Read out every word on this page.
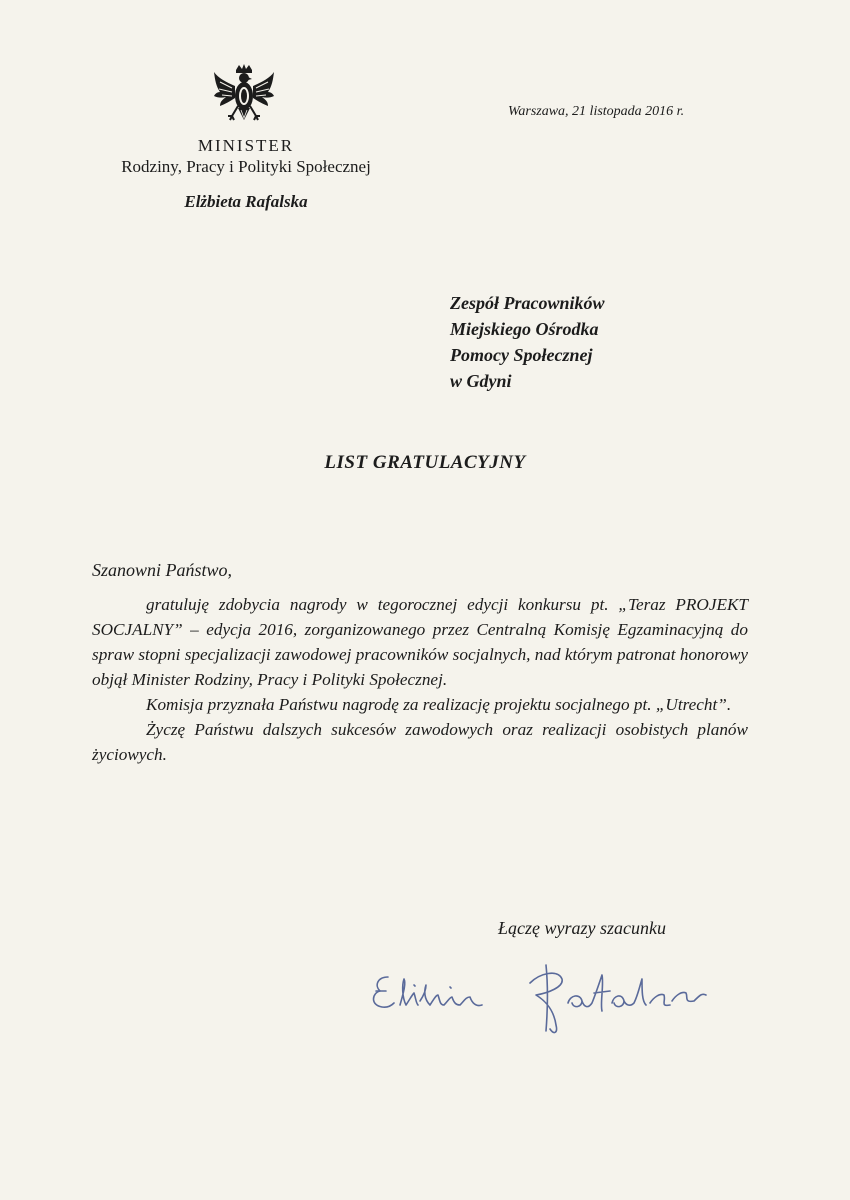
MINISTER
Rodziny, Pracy i Polityki Społecznej
Elżbieta Rafalska
Warszawa, 21 listopada 2016 r.
Zespół Pracowników
Miejskiego Ośrodka
Pomocy Społecznej
w Gdyni
LIST GRATULACYJNY
Szanowni Państwo,

gratuluję zdobycia nagrody w tegorocznej edycji konkursu pt. „Teraz PROJEKT SOCJALNY” – edycja 2016, zorganizowanego przez Centralną Komisję Egzaminacyjną do spraw stopni specjalizacji zawodowej pracowników socjalnych, nad którym patronat honorowy objął Minister Rodziny, Pracy i Polityki Społecznej.

Komisja przyznała Państwu nagrodę za realizację projektu socjalnego pt. „Utrecht”.

Życzę Państwu dalszych sukcesów zawodowych oraz realizacji osobistych planów życiowych.

Łączę wyrazy szacunku
